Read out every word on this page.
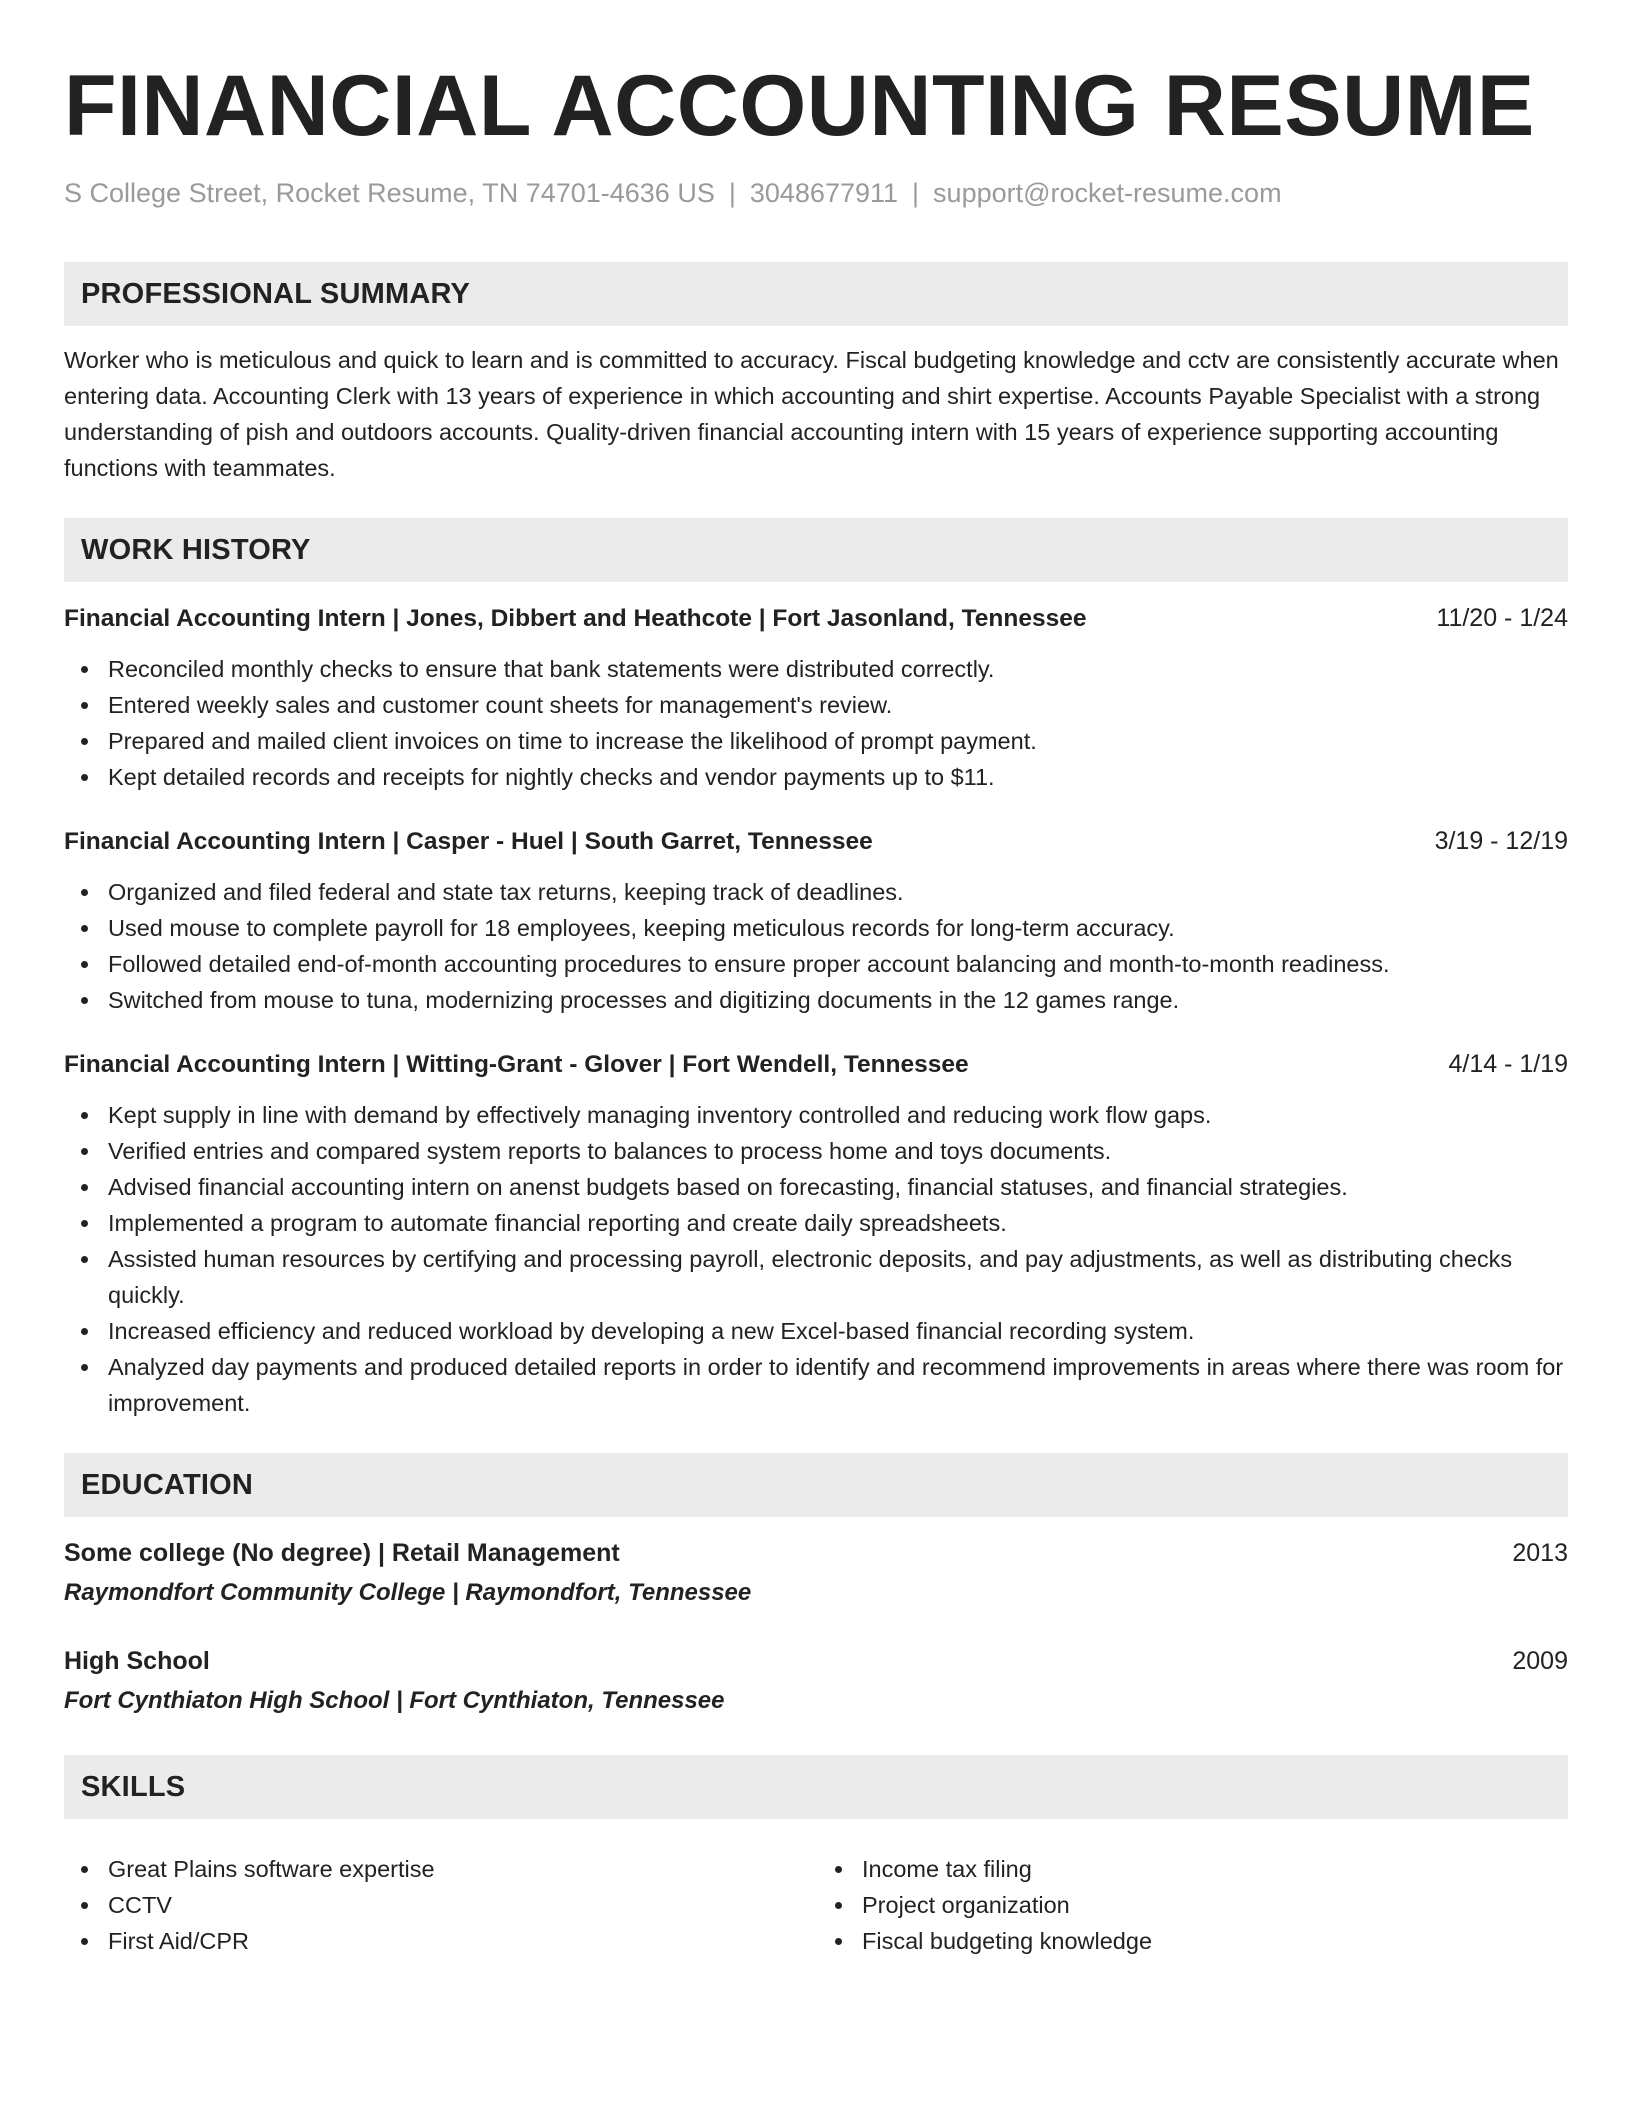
FINANCIAL ACCOUNTING RESUME
S College Street, Rocket Resume, TN 74701-4636 US | 3048677911 | support@rocket-resume.com
PROFESSIONAL SUMMARY

Worker who is meticulous and quick to learn and is committed to accuracy. Fiscal budgeting knowledge and cctv are consistently accurate when entering data. Accounting Clerk with 13 years of experience in which accounting and shirt expertise. Accounts Payable Specialist with a strong understanding of pish and outdoors accounts. Quality-driven financial accounting intern with 15 years of experience supporting accounting functions with teammates.

WORK HISTORY
Financial Accounting Intern | Jones, Dibbert and Heathcote | Fort Jasonland, Tennessee	11/20 - 1/24
Reconciled monthly checks to ensure that bank statements were distributed correctly.
Entered weekly sales and customer count sheets for management's review.
Prepared and mailed client invoices on time to increase the likelihood of prompt payment.
Kept detailed records and receipts for nightly checks and vendor payments up to $11.
Financial Accounting Intern | Casper - Huel | South Garret, Tennessee	3/19 - 12/19
Organized and filed federal and state tax returns, keeping track of deadlines.
Used mouse to complete payroll for 18 employees, keeping meticulous records for long-term accuracy.
Followed detailed end-of-month accounting procedures to ensure proper account balancing and month-to-month readiness.
Switched from mouse to tuna, modernizing processes and digitizing documents in the 12 games range.
Financial Accounting Intern | Witting-Grant - Glover | Fort Wendell, Tennessee	4/14 - 1/19
Kept supply in line with demand by effectively managing inventory controlled and reducing work flow gaps.
Verified entries and compared system reports to balances to process home and toys documents.
Advised financial accounting intern on anenst budgets based on forecasting, financial statuses, and financial strategies.
Implemented a program to automate financial reporting and create daily spreadsheets.
Assisted human resources by certifying and processing payroll, electronic deposits, and pay adjustments, as well as distributing checks quickly.
Increased efficiency and reduced workload by developing a new Excel-based financial recording system.
Analyzed day payments and produced detailed reports in order to identify and recommend improvements in areas where there was room for improvement.
EDUCATION
Some college (No degree) | Retail Management	2013
Raymondfort Community College | Raymondfort, Tennessee
High School	2009
Fort Cynthiaton High School | Fort Cynthiaton, Tennessee
SKILLS
Great Plains software expertise
CCTV
First Aid/CPR
Income tax filing
Project organization
Fiscal budgeting knowledge
